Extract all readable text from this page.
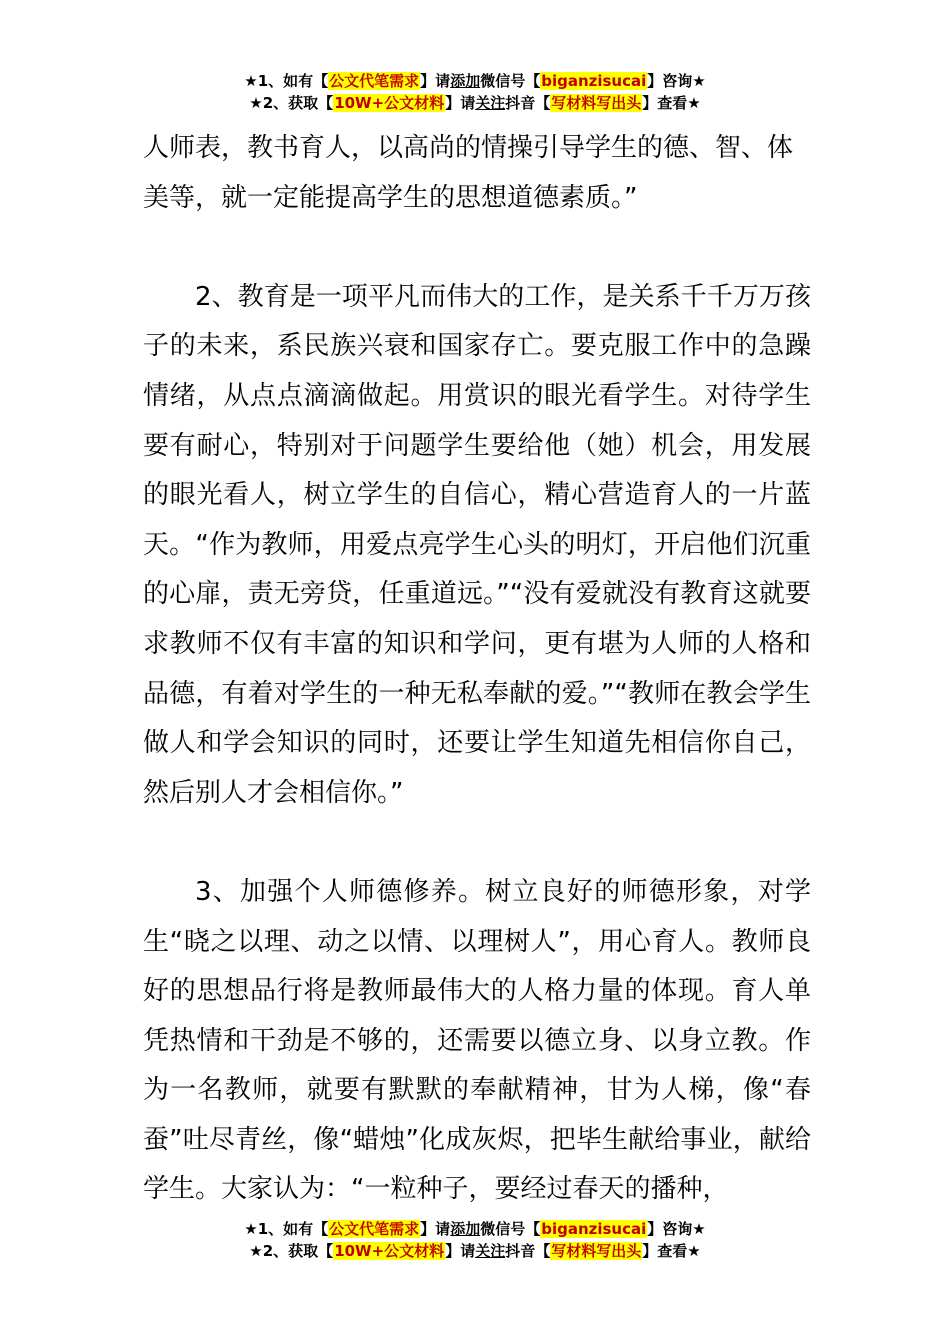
★1、如有【公文代笔需求】请添加微信号【biganzisucai】咨询★
★2、获取【10W+公文材料】请关注抖音【写材料写出头】查看★

人师表，教书育人，以高尚的情操引导学生的德、智、体

美等，就一定能提高学生的思想道德素质。”

2、教育是一项平凡而伟大的工作，是关系千千万万孩子的未来，系民族兴衰和国家存亡。要克服工作中的急躁情绪，从点点滴滴做起。用赏识的眼光看学生。对待学生要有耐心，特别对于问题学生要给他（她）机会，用发展的眼光看人，树立学生的自信心，精心营造育人的一片蓝天。“作为教师，用爱点亮学生心头的明灯，开启他们沉重的心扉，责无旁贷，任重道远。”“没有爱就没有教育这就要求教师不仅有丰富的知识和学问，更有堪为人师的人格和品德，有着对学生的一种无私奉献的爱。”“教师在教会学生做人和学会知识的同时，还要让学生知道先相信你自己，然后别人才会相信你。”

3、加强个人师德修养。树立良好的师德形象，对学生“晓之以理、动之以情、以理树人”，用心育人。教师良好的思想品行将是教师最伟大的人格力量的体现。育人单凭热情和干劲是不够的，还需要以德立身、以身立教。作为一名教师，就要有默默的奉献精神，甘为人梯，像“春蚕”吐尽青丝，像“蜡烛”化成灰烬，把毕生献给事业，献给学生。大家认为：“一粒种子，要经过春天的播种，

★1、如有【公文代笔需求】请添加微信号【biganzisucai】咨询★
★2、获取【10W+公文材料】请关注抖音【写材料写出头】查看★
